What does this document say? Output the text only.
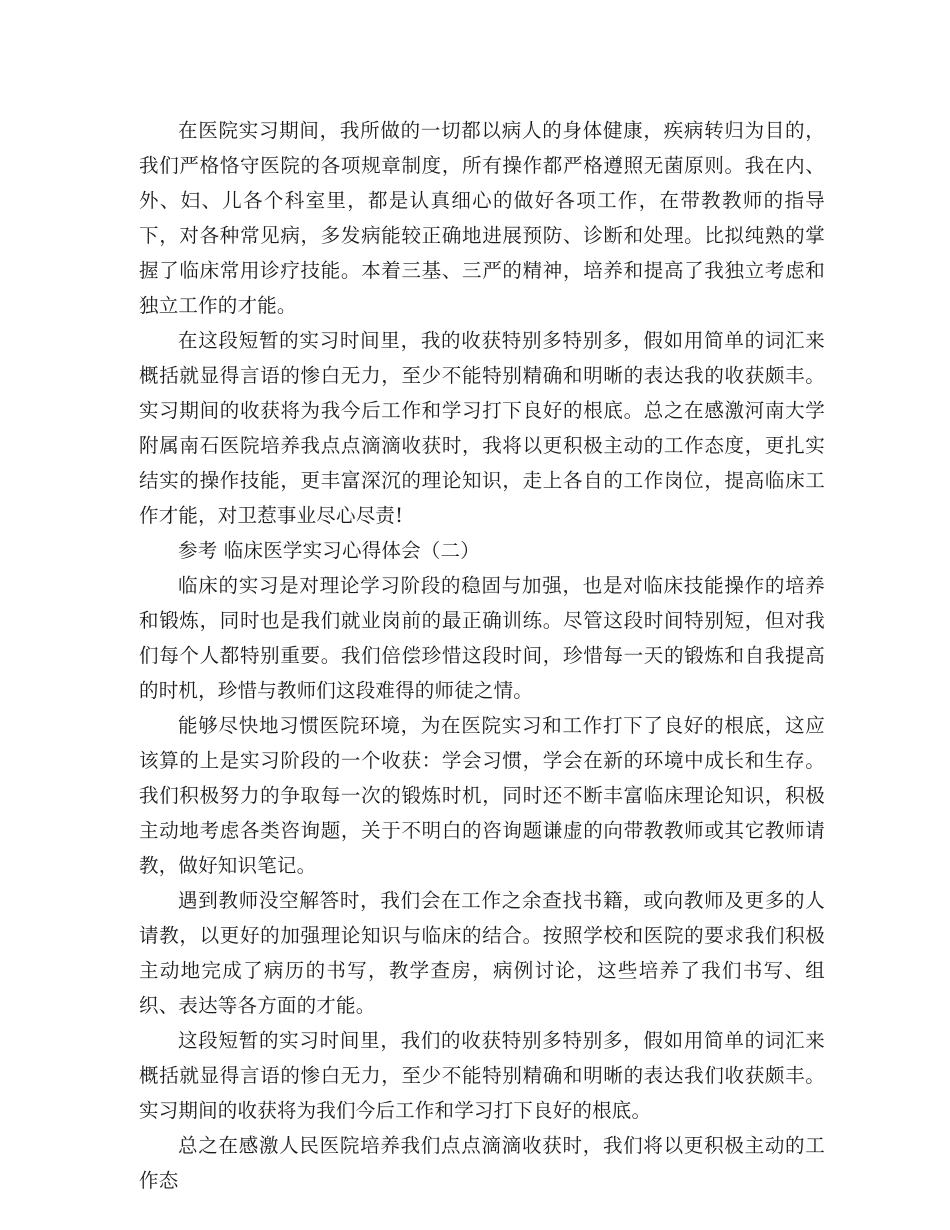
在医院实习期间，我所做的一切都以病人的身体健康，疾病转归为目的，我们严格恪守医院的各项规章制度，所有操作都严格遵照无菌原则。我在内、外、妇、儿各个科室里，都是认真细心的做好各项工作，在带教教师的指导下，对各种常见病，多发病能较正确地进展预防、诊断和处理。比拟纯熟的掌握了临床常用诊疗技能。本着三基、三严的精神，培养和提高了我独立考虑和独立工作的才能。

在这段短暂的实习时间里，我的收获特别多特别多，假如用简单的词汇来概括就显得言语的惨白无力，至少不能特别精确和明晰的表达我的收获颇丰。实习期间的收获将为我今后工作和学习打下良好的根底。总之在感激河南大学附属南石医院培养我点点滴滴收获时，我将以更积极主动的工作态度，更扎实结实的操作技能，更丰富深沉的理论知识，走上各自的工作岗位，提高临床工作才能，对卫惹事业尽心尽责!

参考 临床医学实习心得体会（二）

临床的实习是对理论学习阶段的稳固与加强，也是对临床技能操作的培养和锻炼，同时也是我们就业岗前的最正确训练。尽管这段时间特别短，但对我们每个人都特别重要。我们倍偿珍惜这段时间，珍惜每一天的锻炼和自我提高的时机，珍惜与教师们这段难得的师徒之情。

能够尽快地习惯医院环境，为在医院实习和工作打下了良好的根底，这应该算的上是实习阶段的一个收获：学会习惯，学会在新的环境中成长和生存。我们积极努力的争取每一次的锻炼时机，同时还不断丰富临床理论知识，积极主动地考虑各类咨询题，关于不明白的咨询题谦虚的向带教教师或其它教师请教，做好知识笔记。

遇到教师没空解答时，我们会在工作之余查找书籍，或向教师及更多的人请教，以更好的加强理论知识与临床的结合。按照学校和医院的要求我们积极主动地完成了病历的书写，教学查房，病例讨论，这些培养了我们书写、组织、表达等各方面的才能。

这段短暂的实习时间里，我们的收获特别多特别多，假如用简单的词汇来概括就显得言语的惨白无力，至少不能特别精确和明晰的表达我们收获颇丰。实习期间的收获将为我们今后工作和学习打下良好的根底。

总之在感激人民医院培养我们点点滴滴收获时，我们将以更积极主动的工作态
